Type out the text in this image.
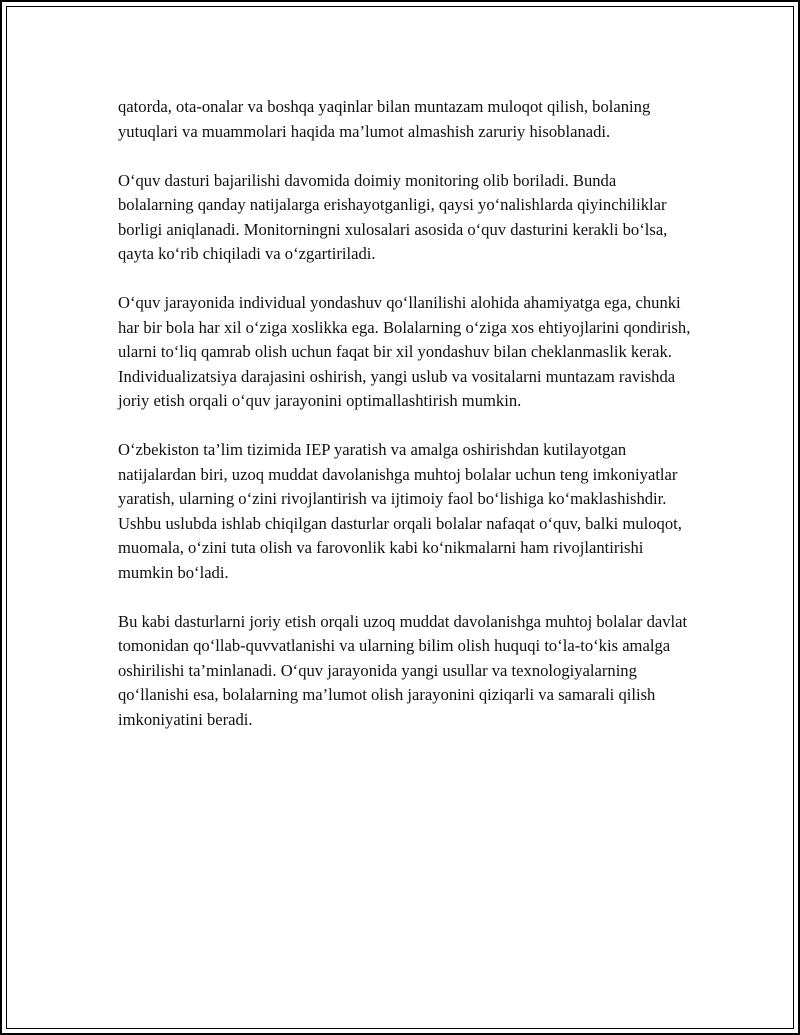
qatorda, ota-onalar va boshqa yaqinlar bilan muntazam muloqot qilish, bolaning yutuqlari va muammolari haqida ma’lumot almashish zaruriy hisoblanadi.

O‘quv dasturi bajarilishi davomida doimiy monitoring olib boriladi. Bunda bolalarning qanday natijalarga erishayotganligi, qaysi yo‘nalishlarda qiyinchiliklar borligi aniqlanadi. Monitorningni xulosalari asosida o‘quv dasturini kerakli bo‘lsa, qayta ko‘rib chiqiladi va o‘zgartiriladi.

O‘quv jarayonida individual yondashuv qo‘llanilishi alohida ahamiyatga ega, chunki har bir bola har xil o‘ziga xoslikka ega. Bolalarning o‘ziga xos ehtiyojlarini qondirish, ularni to‘liq qamrab olish uchun faqat bir xil yondashuv bilan cheklanmaslik kerak. Individualizatsiya darajasini oshirish, yangi uslub va vositalarni muntazam ravishda joriy etish orqali o‘quv jarayonini optimallashtirish mumkin.

O‘zbekiston ta’lim tizimida IEP yaratish va amalga oshirishdan kutilayotgan natijalardan biri, uzoq muddat davolanishga muhtoj bolalar uchun teng imkoniyatlar yaratish, ularning o‘zini rivojlantirish va ijtimoiy faol bo‘lishiga ko‘maklashishdir. Ushbu uslubda ishlab chiqilgan dasturlar orqali bolalar nafaqat o‘quv, balki muloqot, muomala, o‘zini tuta olish va farovonlik kabi ko‘nikmalarni ham rivojlantirishi mumkin bo‘ladi.

Bu kabi dasturlarni joriy etish orqali uzoq muddat davolanishga muhtoj bolalar davlat tomonidan qo‘llab-quvvatlanishi va ularning bilim olish huquqi to‘la-to‘kis amalga oshirilishi ta’minlanadi. O‘quv jarayonida yangi usullar va texnologiyalarning qo‘llanishi esa, bolalarning ma’lumot olish jarayonini qiziqarli va samarali qilish imkoniyatini beradi.
